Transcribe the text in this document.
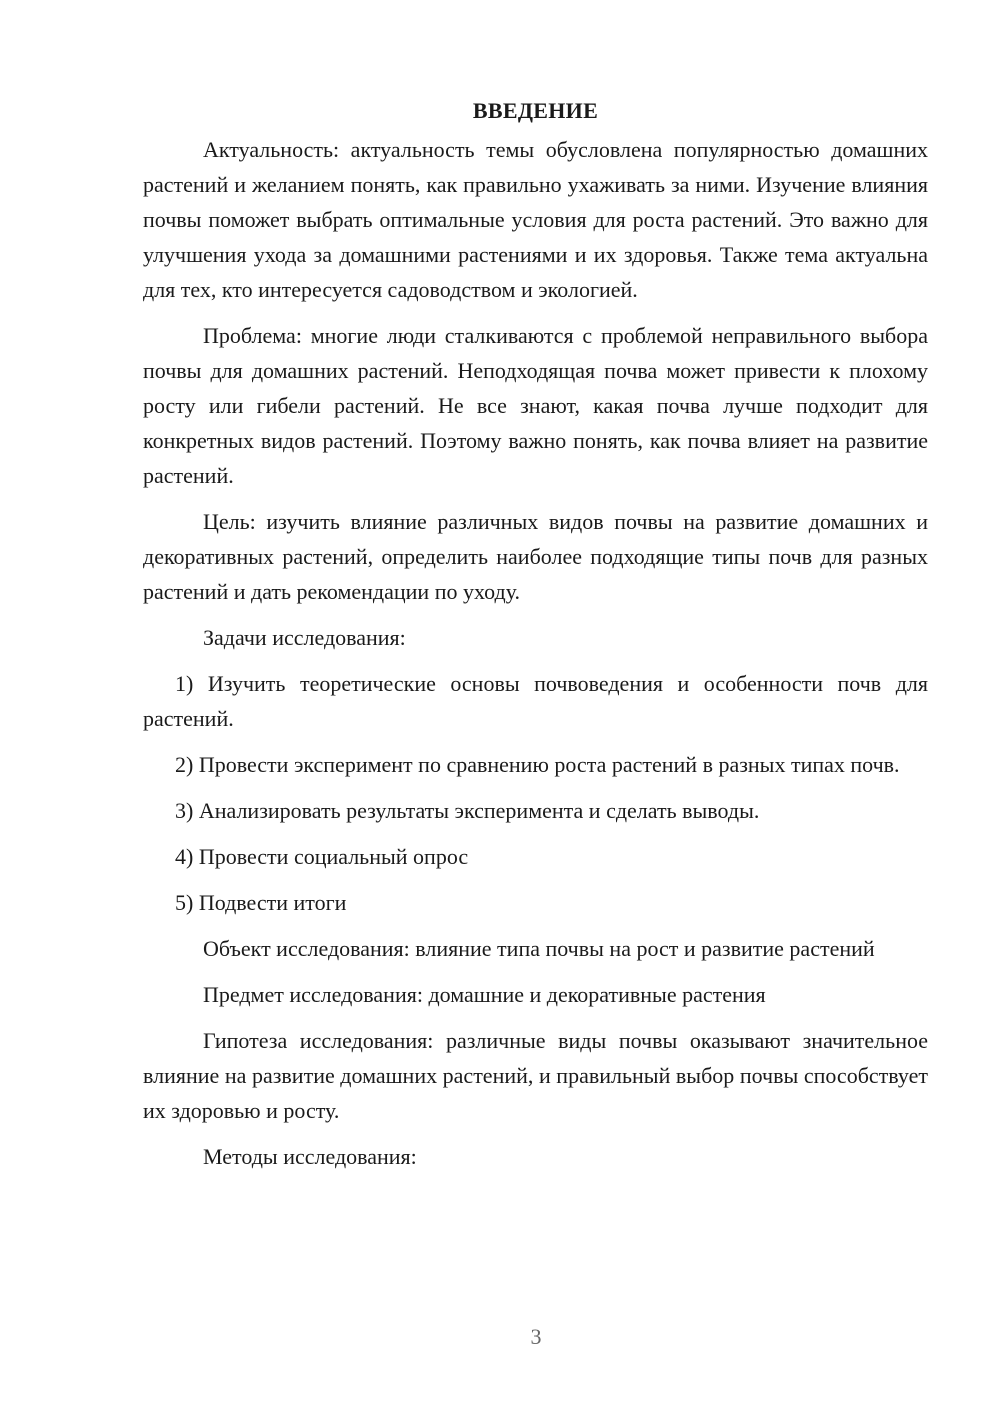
ВВЕДЕНИЕ

Актуальность: актуальность темы обусловлена популярностью домашних растений и желанием понять, как правильно ухаживать за ними. Изучение влияния почвы поможет выбрать оптимальные условия для роста растений. Это важно для улучшения ухода за домашними растениями и их здоровья. Также тема актуальна для тех, кто интересуется садоводством и экологией.

Проблема: многие люди сталкиваются с проблемой неправильного выбора почвы для домашних растений. Неподходящая почва может привести к плохому росту или гибели растений. Не все знают, какая почва лучше подходит для конкретных видов растений. Поэтому важно понять, как почва влияет на развитие растений.

Цель: изучить влияние различных видов почвы на развитие домашних и декоративных растений, определить наиболее подходящие типы почв для разных растений и дать рекомендации по уходу.

Задачи исследования:

1) Изучить теоретические основы почвоведения и особенности почв для растений.

2) Провести эксперимент по сравнению роста растений в разных типах почв.

3) Анализировать результаты эксперимента и сделать выводы.

4) Провести социальный опрос

5) Подвести итоги

Объект исследования: влияние типа почвы на рост и развитие растений

Предмет исследования: домашние и декоративные растения

Гипотеза исследования: различные виды почвы оказывают значительное влияние на развитие домашних растений, и правильный выбор почвы способствует их здоровью и росту.

Методы исследования:

3
